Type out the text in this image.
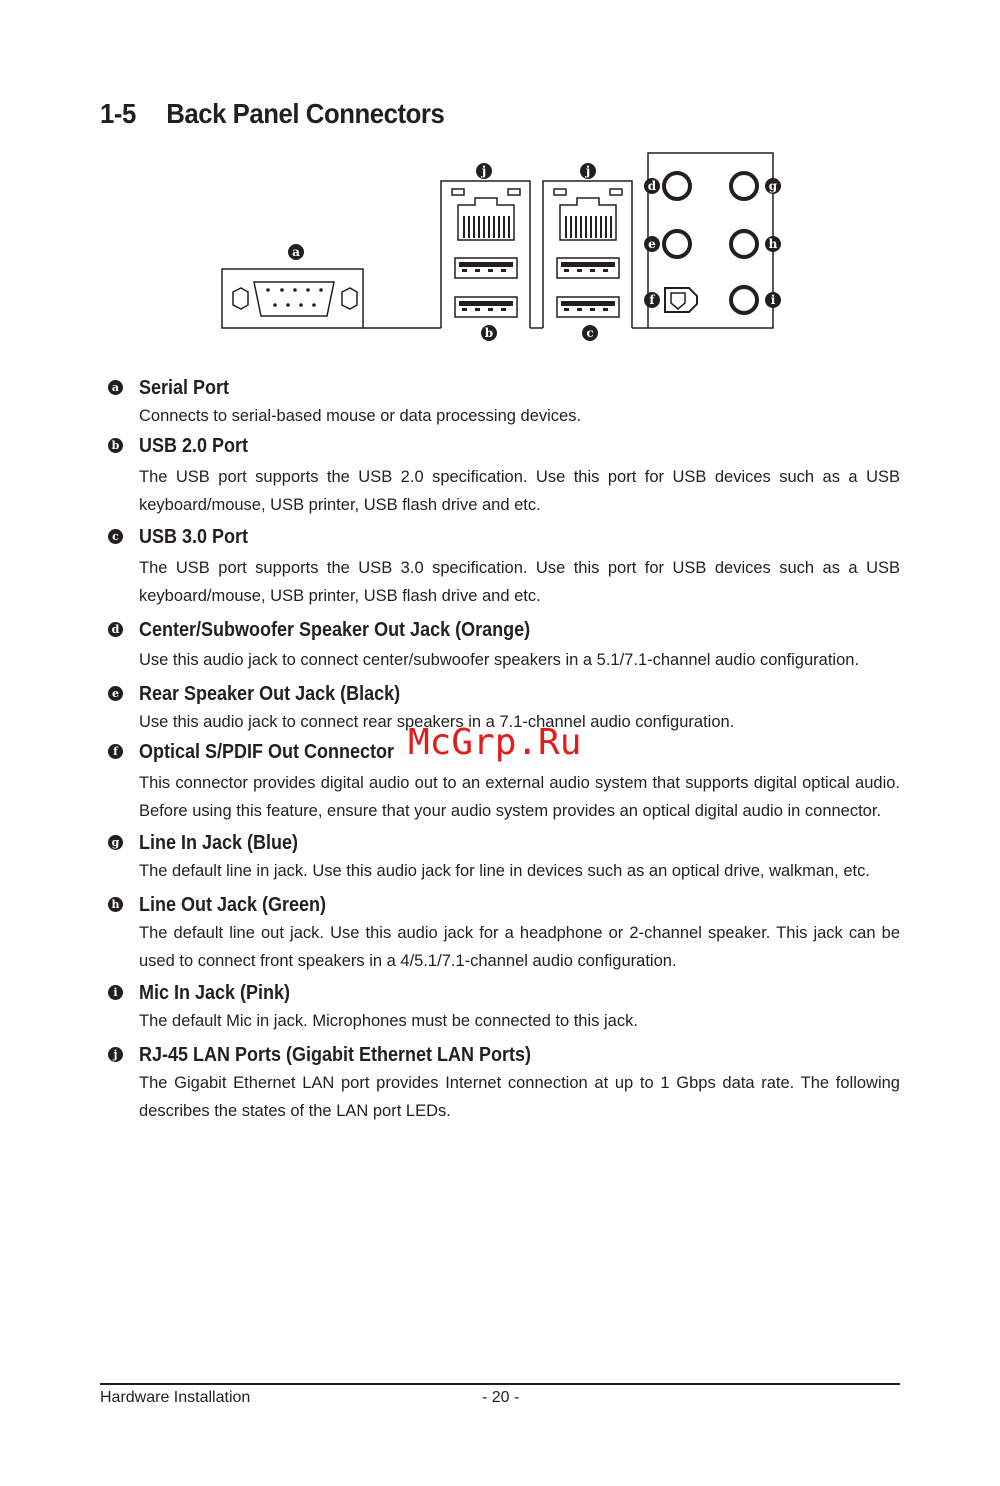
1-5 Back Panel Connectors
a
j	j
b	c
d
e
f
g
h
i
a Serial Port
Connects to serial-based mouse or data processing devices.
b USB 2.0 Port
The USB port supports the USB 2.0 specification. Use this port for USB devices such as a USB keyboard/mouse, USB printer, USB flash drive and etc.
c USB 3.0 Port
The USB port supports the USB 3.0 specification. Use this port for USB devices such as a USB keyboard/mouse, USB printer, USB flash drive and etc.
d Center/Subwoofer Speaker Out Jack (Orange)
Use this audio jack to connect center/subwoofer speakers in a 5.1/7.1-channel audio configuration.
e Rear Speaker Out Jack (Black)
Use this audio jack to connect rear speakers in a 7.1-channel audio configuration.
f Optical S/PDIF Out Connector
This connector provides digital audio out to an external audio system that supports digital optical audio. Before using this feature, ensure that your audio system provides an optical digital audio in connector.
g Line In Jack (Blue)
The default line in jack. Use this audio jack for line in devices such as an optical drive, walkman, etc.
h Line Out Jack (Green)
The default line out jack. Use this audio jack for a headphone or 2-channel speaker. This jack can be used to connect front speakers in a 4/5.1/7.1-channel audio configuration.
i Mic In Jack (Pink)
The default Mic in jack. Microphones must be connected to this jack.
j RJ-45 LAN Ports (Gigabit Ethernet LAN Ports)
The Gigabit Ethernet LAN port provides Internet connection at up to 1 Gbps data rate. The following describes the states of the LAN port LEDs.
McGrp.Ru
Hardware Installation	- 20 -
